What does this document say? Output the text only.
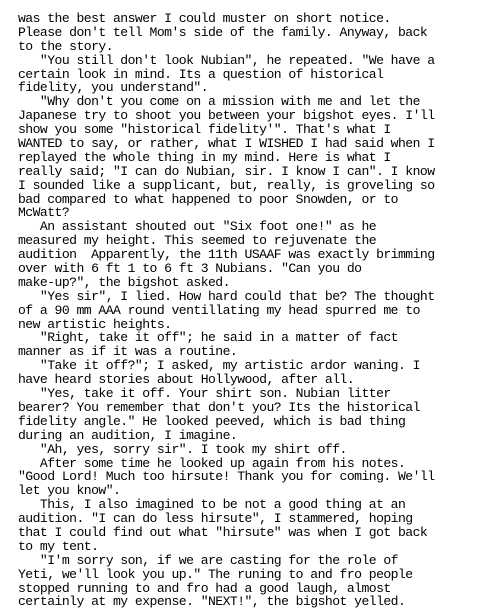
was the best answer I could muster on short notice.
Please don't tell Mom's side of the family. Anyway, back
to the story.
"You still don't look Nubian", he repeated. "We have a
certain look in mind. Its a question of historical
fidelity, you understand".
"Why don't you come on a mission with me and let the
Japanese try to shoot you between your bigshot eyes. I'll
show you some "historical fidelity'". That's what I
WANTED to say, or rather, what I WISHED I had said when I
replayed the whole thing in my mind. Here is what I
really said; "I can do Nubian, sir. I know I can". I know
I sounded like a supplicant, but, really, is groveling so
bad compared to what happened to poor Snowden, or to
McWatt?
An assistant shouted out "Six foot one!" as he
measured my height. This seemed to rejuvenate the
audition  Apparently, the 11th USAAF was exactly brimming
over with 6 ft 1 to 6 ft 3 Nubians. "Can you do
make-up?", the bigshot asked.
"Yes sir", I lied. How hard could that be? The thought
of a 90 mm AAA round ventillating my head spurred me to
new artistic heights.
"Right, take it off"; he said in a matter of fact
manner as if it was a routine.
"Take it off?"; I asked, my artistic ardor waning. I
have heard stories about Hollywood, after all.
"Yes, take it off. Your shirt son. Nubian litter
bearer? You remember that don't you? Its the historical
fidelity angle." He looked peeved, which is bad thing
during an audition, I imagine.
"Ah, yes, sorry sir". I took my shirt off.
After some time he looked up again from his notes.
"Good Lord! Much too hirsute! Thank you for coming. We'll
let you know".
This, I also imagined to be not a good thing at an
audition. "I can do less hirsute", I stammered, hoping
that I could find out what "hirsute" was when I got back
to my tent.
"I'm sorry son, if we are casting for the role of
Yeti, we'll look you up." The runing to and fro people
stopped running to and fro had a good laugh, almost
certainly at my expense. "NEXT!", the bigshot yelled.
